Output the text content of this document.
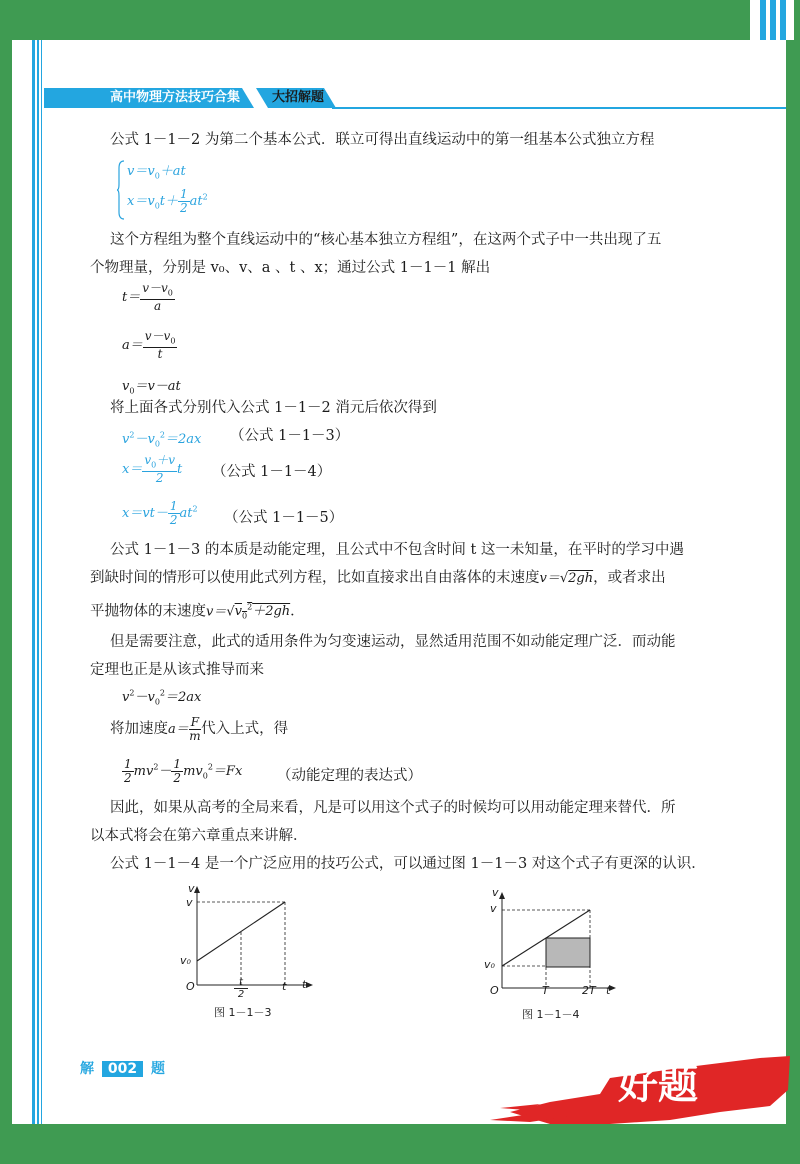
高中物理方法技巧合集 大招解题
公式 1－1－2 为第二个基本公式．联立可得出直线运动中的第一组基本公式独立方程
$v=v_0+at$
$x=v_0t+ \frac{1}{2} at^2$
这个方程组为整个直线运动中的“核心基本独立方程组”，在这两个式子中一共出现了五
个物理量，分别是 v₀、v、a 、t 、x；通过公式 1－1－1 解出
$t= \frac{v-v_0}{a}$
$a= \frac{v-v_0}{t}$
$v_0=v-at$
将上面各式分别代入公式 1－1－2 消元后依次得到
$v^2-v_0^2=2ax$ （公式 1－1－3）
$x= \frac{v_0+v}{2}$ t （公式 1－1－4）
$x=vt- \frac{1}{2} at^2$
（公式 1－1－5）
公式 1－1－3 的本质是动能定理，且公式中不包含时间 t 这一未知量，在平时的学习中遇
到缺时间的情形可以使用此式列方程，比如直接求出自由落体的末速度v＝√2gh，或者求出
平抛物体的末速度$v=√v_0^2+2gh$．
但是需要注意，此式的适用条件为匀变速运动，显然适用范围不如动能定理广泛．而动能
定理也正是从该式推导而来
$v^2-v_0^2=2ax$
将加速度$a= \frac{F}{m}$ 代入上式，得
$\frac{1}{2} mv^2- \frac{1}{2} mv_0^2=Fx$ （动能定理的表达式）
因此，如果从高考的全局来看，凡是可以用这个式子的时候均可以用动能定理来替代．所
以本式将会在第六章重点来讲解．
公式 1－1－4 是一个广泛应用的技巧公式，可以通过图 1－1－3 对这个式子有更深的认识．
v
v
v₀
O	t
t
$\frac{t}{2}$
图 1－1－3
v
v
v₀
O	T	2T t
图 1－1－4
解 002 题	好题
